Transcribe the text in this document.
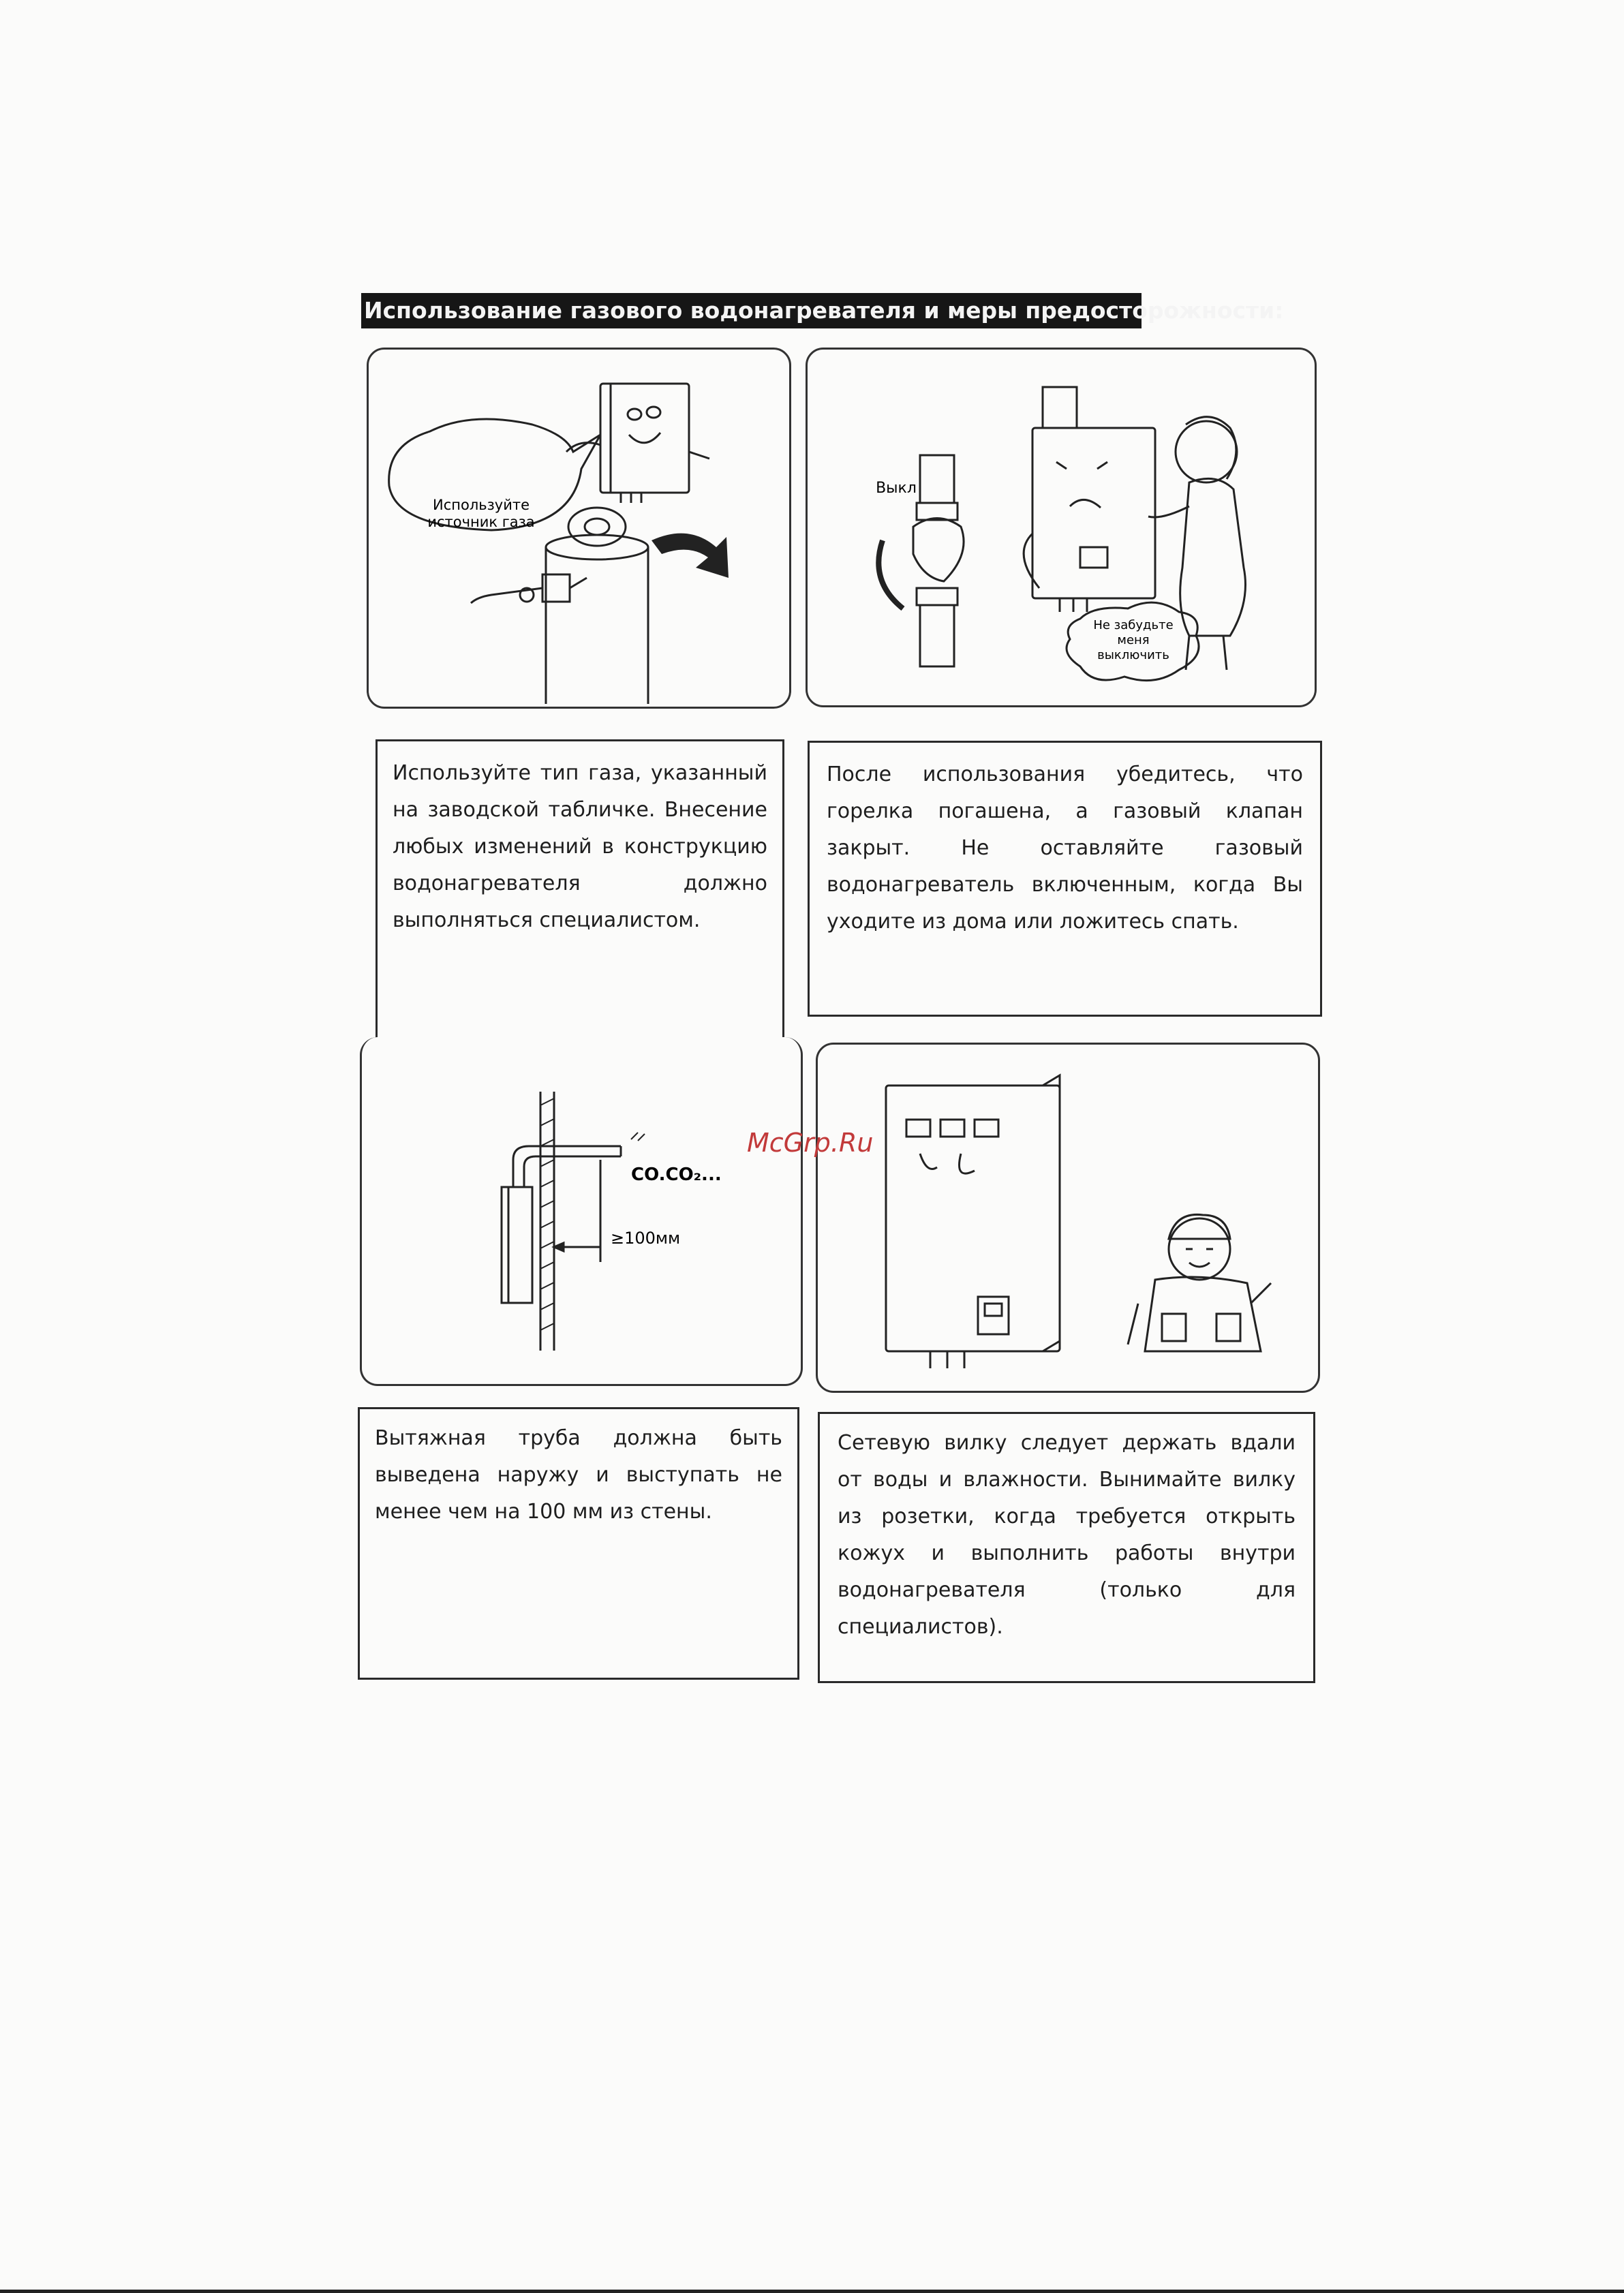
Использование газового водонагревателя и меры предосторожности:
Используйте
источник газа
Выкл
Не забудьте
меня
выключить

Используйте тип газа, указанный на заводской табличке. Внесение любых изменений в конструкцию водонагревателя должно выполняться специалистом.

После использования убедитесь, что горелка погашена, а газовый клапан закрыт. Не оставляйте газовый водонагреватель включенным, когда Вы уходите из дома или ложитесь спать.

CO.CO₂...
≥100мм

Вытяжная труба должна быть выведена наружу и выступать не менее чем на 100 мм из стены.

Сетевую вилку следует держать вдали от воды и влажности. Вынимайте вилку из розетки, когда требуется открыть кожух и выполнить работы внутри водонагревателя (только для специалистов).

McGrp.Ru
